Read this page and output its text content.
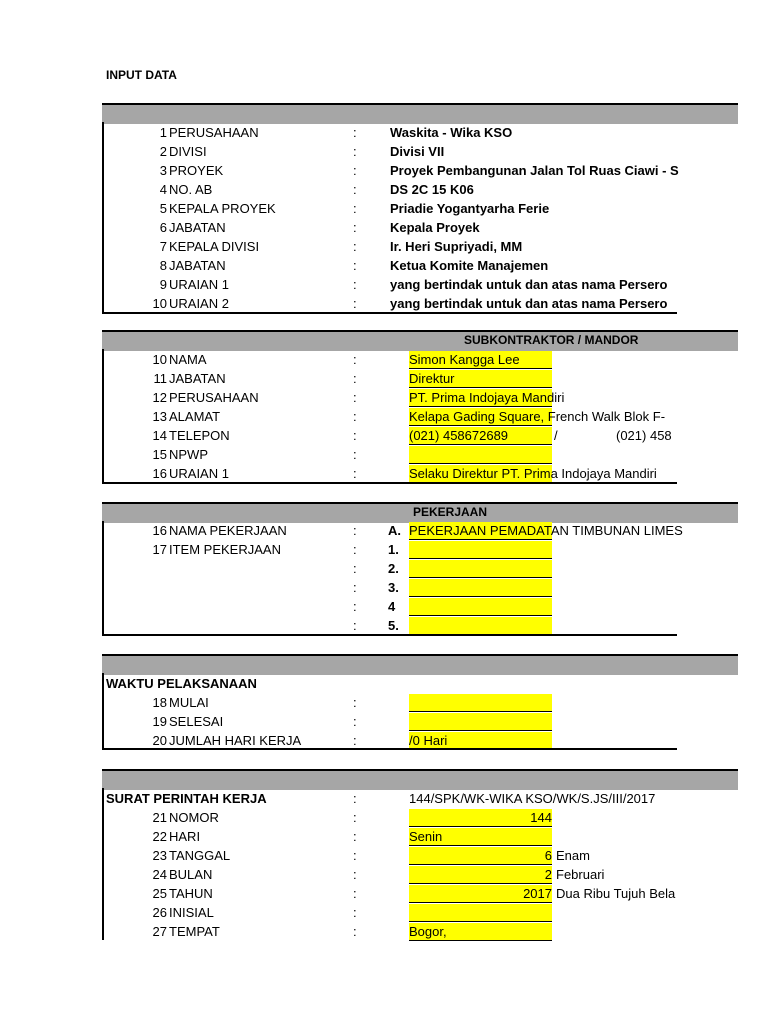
INPUT DATA
1 PERUSAHAAN	:	Waskita - Wika KSO
2 DIVISI	:	Divisi VII
3 PROYEK	:	Proyek Pembangunan Jalan Tol Ruas Ciawi - S
4 NO. AB	:	DS 2C 15 K06
5 KEPALA PROYEK	:	Priadie Yogantyarha Ferie
6 JABATAN	:	Kepala Proyek
7 KEPALA DIVISI	:	Ir. Heri Supriyadi, MM
8 JABATAN	:	Ketua Komite Manajemen
9 URAIAN 1	:	yang bertindak untuk dan atas nama Persero
10 URAIAN 2	:	yang bertindak untuk dan atas nama Persero
SUBKONTRAKTOR / MANDOR
10 NAMA	:	Simon Kangga Lee
11 JABATAN	:	Direktur
12 PERUSAHAAN	:	PT. Prima Indojaya Mandiri
13 ALAMAT	:	Kelapa Gading Square, French Walk Blok F-
14 TELEPON	:	(021) 458672689	/	(021) 458
15 NPWP	:
16 URAIAN 1	:	Selaku Direktur PT. Prima Indojaya Mandiri
PEKERJAAN
16 NAMA PEKERJAAN	: A. PEKERJAAN PEMADATAN TIMBUNAN LIMES
17 ITEM PEKERJAAN	: 1.
: 2.
: 3.
: 4
: 5.
WAKTU PELAKSANAAN
18 MULAI	:
19 SELESAI	:
20 JUMLAH HARI KERJA	:	/0 Hari
SURAT PERINTAH KERJA	:	144/SPK/WK-WIKA KSO/WK/S.JS/III/2017
21 NOMOR	:	144
22 HARI	:	Senin
23 TANGGAL	:	6 Enam
24 BULAN	:	2 Februari
25 TAHUN	:	2017 Dua Ribu Tujuh Bela
26 INISIAL	:
27 TEMPAT	:	Bogor,
